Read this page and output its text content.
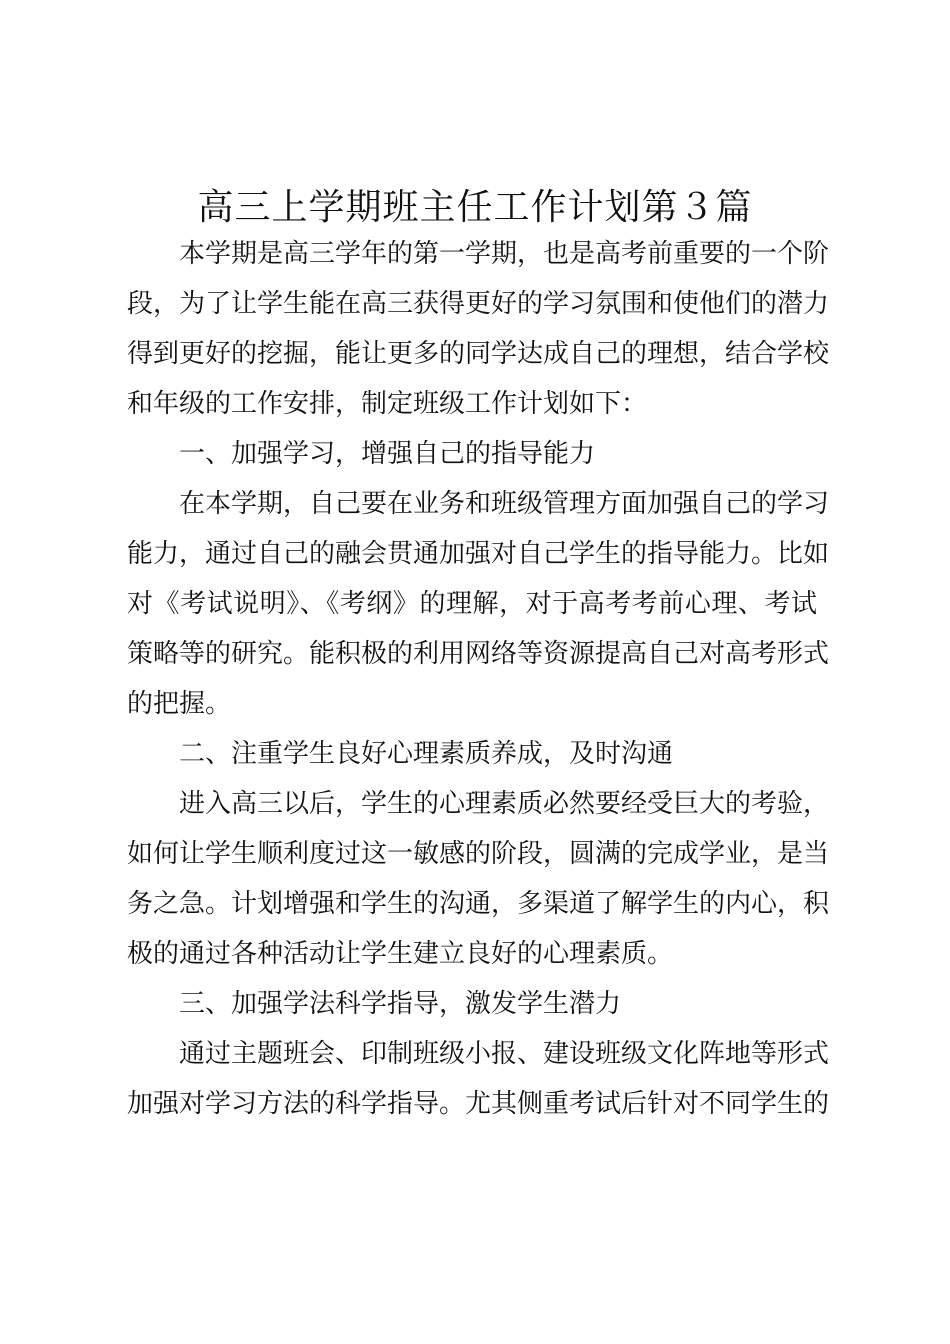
高三上学期班主任工作计划第３篇
本学期是高三学年的第一学期，也是高考前重要的一个阶
段，为了让学生能在高三获得更好的学习氛围和使他们的潜力
得到更好的挖掘，能让更多的同学达成自己的理想，结合学校
和年级的工作安排，制定班级工作计划如下：
一、加强学习，增强自己的指导能力
在本学期，自己要在业务和班级管理方面加强自己的学习
能力，通过自己的融会贯通加强对自己学生的指导能力。比如
对《考试说明》、《考纲》的理解，对于高考考前心理、考试
策略等的研究。能积极的利用网络等资源提高自己对高考形式
的把握。
二、注重学生良好心理素质养成，及时沟通
进入高三以后，学生的心理素质必然要经受巨大的考验，
如何让学生顺利度过这一敏感的阶段，圆满的完成学业，是当
务之急。计划增强和学生的沟通，多渠道了解学生的内心，积
极的通过各种活动让学生建立良好的心理素质。
三、加强学法科学指导，激发学生潜力
通过主题班会、印制班级小报、建设班级文化阵地等形式
加强对学习方法的科学指导。尤其侧重考试后针对不同学生的
